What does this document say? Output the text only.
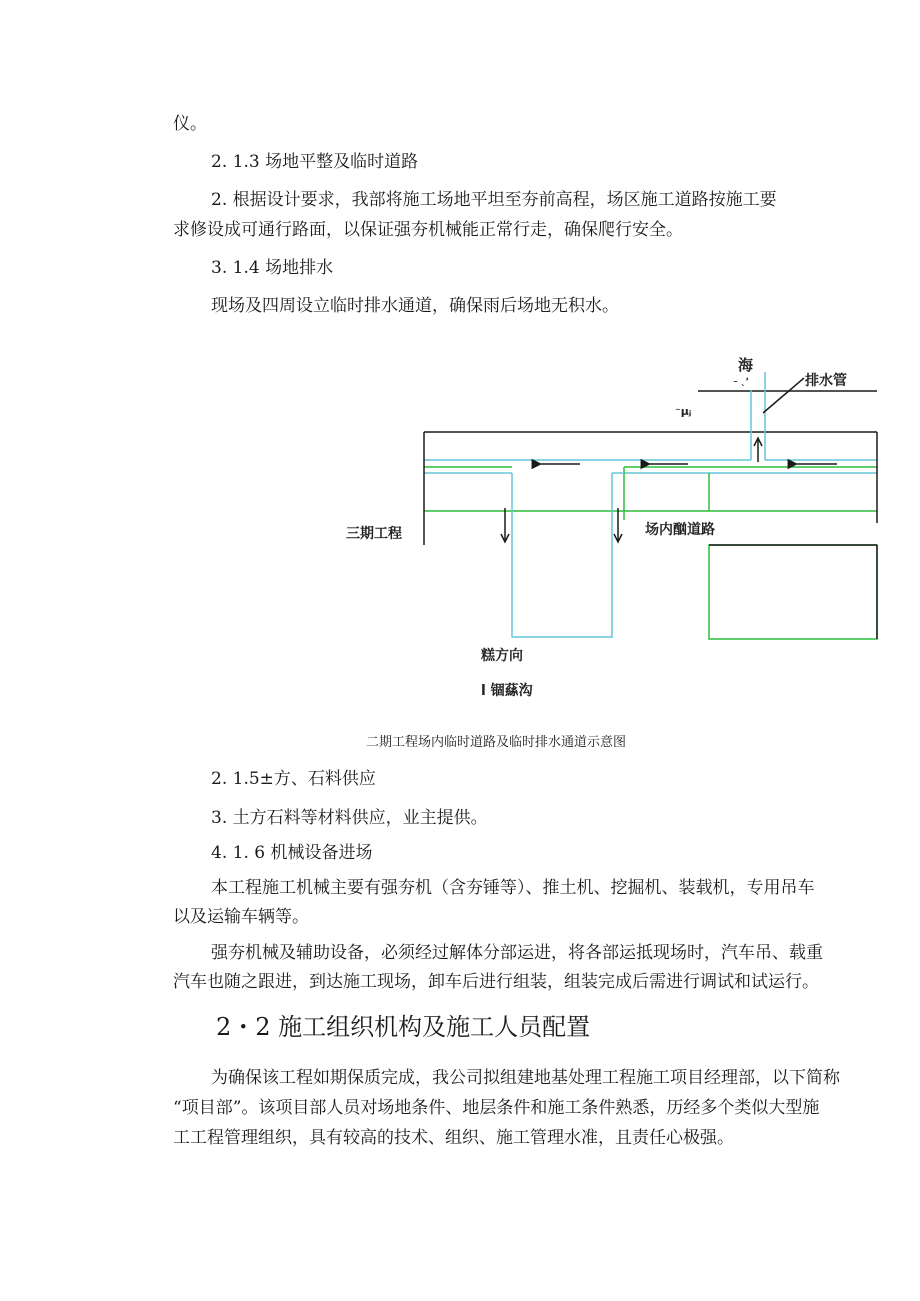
仪。

2. 1.3 场地平整及临时道路

2. 根据设计要求，我部将施工场地平坦至夯前高程，场区施工道路按施工要

求修设成可通行路面，以保证强夯机械能正常行走，确保爬行安全。

3. 1.4 场地排水

现场及四周设立临时排水通道，确保雨后场地无积水。

海
̵ ˎʼ	排水管
⁻μⱼ
三期工程	场内酗道路
糕方向
l 锢蕬沟

二期工程场内临时道路及临时排水通道示意图

2. 1.5±方、石料供应

3. 土方石料等材料供应，业主提供。

4. 1. 6 机械设备进场

本工程施工机械主要有强夯机（含夯锤等）、推土机、挖掘机、装载机，专用吊车

以及运输车辆等。

强夯机械及辅助设备，必须经过解体分部运进，将各部运抵现场时，汽车吊、载重

汽车也随之跟进，到达施工现场，卸车后进行组装，组装完成后需进行调试和试运行。

2・2 施工组织机构及施工人员配置

为确保该工程如期保质完成，我公司拟组建地基处理工程施工项目经理部，以下简称

“项目部”。该项目部人员对场地条件、地层条件和施工条件熟悉，历经多个类似大型施

工工程管理组织，具有较高的技术、组织、施工管理水准，且责任心极强。
